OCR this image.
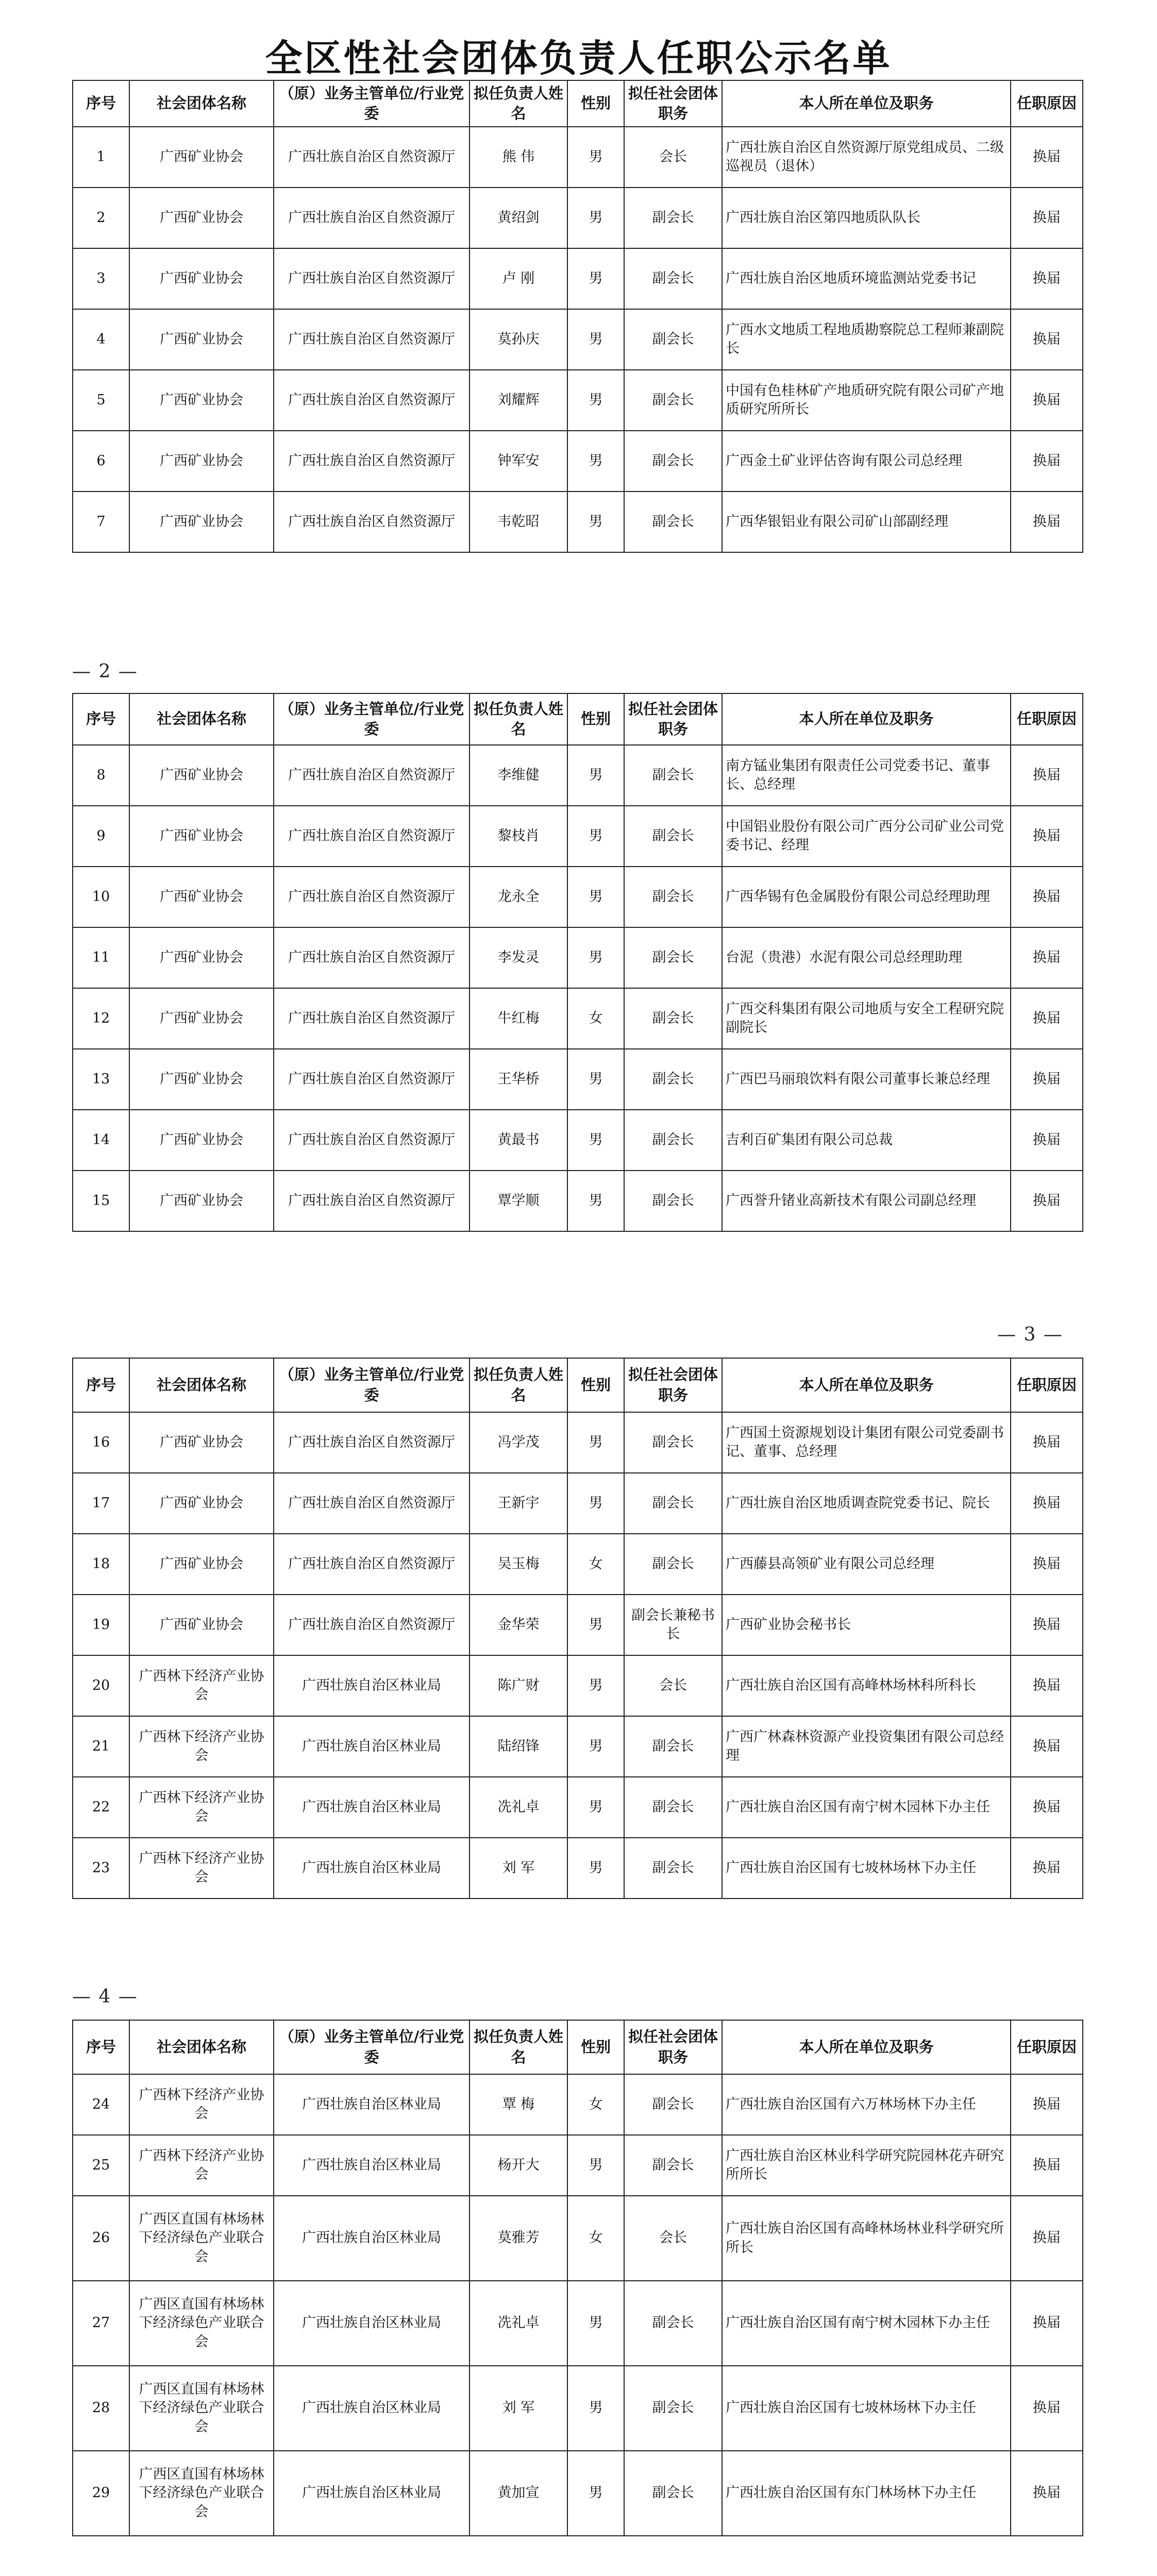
全区性社会团体负责人任职公示名单
— 2 —
— 3 —
— 4 —
序号	社会团体名称	（原）业务主管单位/行业党委	拟任负责人姓名	性别	拟任社会团体职务	本人所在单位及职务	任职原因
1	广西矿业协会	广西壮族自治区自然资源厅	熊 伟	男	会长	广西壮族自治区自然资源厅原党组成员、二级巡视员（退休）	换届
2	广西矿业协会	广西壮族自治区自然资源厅	黄绍剑	男	副会长	广西壮族自治区第四地质队队长	换届
3	广西矿业协会	广西壮族自治区自然资源厅	卢 刚	男	副会长	广西壮族自治区地质环境监测站党委书记	换届
4	广西矿业协会	广西壮族自治区自然资源厅	莫孙庆	男	副会长	广西水文地质工程地质勘察院总工程师兼副院长	换届
5	广西矿业协会	广西壮族自治区自然资源厅	刘耀辉	男	副会长	中国有色桂林矿产地质研究院有限公司矿产地质研究所所长	换届
6	广西矿业协会	广西壮族自治区自然资源厅	钟军安	男	副会长	广西金土矿业评估咨询有限公司总经理	换届
7	广西矿业协会	广西壮族自治区自然资源厅	韦乾昭	男	副会长	广西华银铝业有限公司矿山部副经理	换届
序号	社会团体名称	（原）业务主管单位/行业党委	拟任负责人姓名	性别	拟任社会团体职务	本人所在单位及职务	任职原因
8	广西矿业协会	广西壮族自治区自然资源厅	李维健	男	副会长	南方锰业集团有限责任公司党委书记、董事长、总经理	换届
9	广西矿业协会	广西壮族自治区自然资源厅	黎枝肖	男	副会长	中国铝业股份有限公司广西分公司矿业公司党委书记、经理	换届
10	广西矿业协会	广西壮族自治区自然资源厅	龙永全	男	副会长	广西华锡有色金属股份有限公司总经理助理	换届
11	广西矿业协会	广西壮族自治区自然资源厅	李发灵	男	副会长	台泥（贵港）水泥有限公司总经理助理	换届
12	广西矿业协会	广西壮族自治区自然资源厅	牛红梅	女	副会长	广西交科集团有限公司地质与安全工程研究院副院长	换届
13	广西矿业协会	广西壮族自治区自然资源厅	王华桥	男	副会长	广西巴马丽琅饮料有限公司董事长兼总经理	换届
14	广西矿业协会	广西壮族自治区自然资源厅	黄最书	男	副会长	吉利百矿集团有限公司总裁	换届
15	广西矿业协会	广西壮族自治区自然资源厅	覃学顺	男	副会长	广西誉升锗业高新技术有限公司副总经理	换届
序号	社会团体名称	（原）业务主管单位/行业党委	拟任负责人姓名	性别	拟任社会团体职务	本人所在单位及职务	任职原因
16	广西矿业协会	广西壮族自治区自然资源厅	冯学茂	男	副会长	广西国土资源规划设计集团有限公司党委副书记、董事、总经理	换届
17	广西矿业协会	广西壮族自治区自然资源厅	王新宇	男	副会长	广西壮族自治区地质调查院党委书记、院长	换届
18	广西矿业协会	广西壮族自治区自然资源厅	吴玉梅	女	副会长	广西藤县高领矿业有限公司总经理	换届
19	广西矿业协会	广西壮族自治区自然资源厅	金华荣	男	副会长兼秘书长	广西矿业协会秘书长	换届
20	广西林下经济产业协会	广西壮族自治区林业局	陈广财	男	会长	广西壮族自治区国有高峰林场林科所科长	换届
21	广西林下经济产业协会	广西壮族自治区林业局	陆绍锋	男	副会长	广西广林森林资源产业投资集团有限公司总经理	换届
22	广西林下经济产业协会	广西壮族自治区林业局	冼礼卓	男	副会长	广西壮族自治区国有南宁树木园林下办主任	换届
23	广西林下经济产业协会	广西壮族自治区林业局	刘 军	男	副会长	广西壮族自治区国有七坡林场林下办主任	换届
序号	社会团体名称	（原）业务主管单位/行业党委	拟任负责人姓名	性别	拟任社会团体职务	本人所在单位及职务	任职原因
24	广西林下经济产业协会	广西壮族自治区林业局	覃 梅	女	副会长	广西壮族自治区国有六万林场林下办主任	换届
25	广西林下经济产业协会	广西壮族自治区林业局	杨开大	男	副会长	广西壮族自治区林业科学研究院园林花卉研究所所长	换届
26	广西区直国有林场林下经济绿色产业联合会	广西壮族自治区林业局	莫雅芳	女	会长	广西壮族自治区国有高峰林场林业科学研究所所长	换届
27	广西区直国有林场林下经济绿色产业联合会	广西壮族自治区林业局	冼礼卓	男	副会长	广西壮族自治区国有南宁树木园林下办主任	换届
28	广西区直国有林场林下经济绿色产业联合会	广西壮族自治区林业局	刘 军	男	副会长	广西壮族自治区国有七坡林场林下办主任	换届
29	广西区直国有林场林下经济绿色产业联合会	广西壮族自治区林业局	黄加宣	男	副会长	广西壮族自治区国有东门林场林下办主任	换届
